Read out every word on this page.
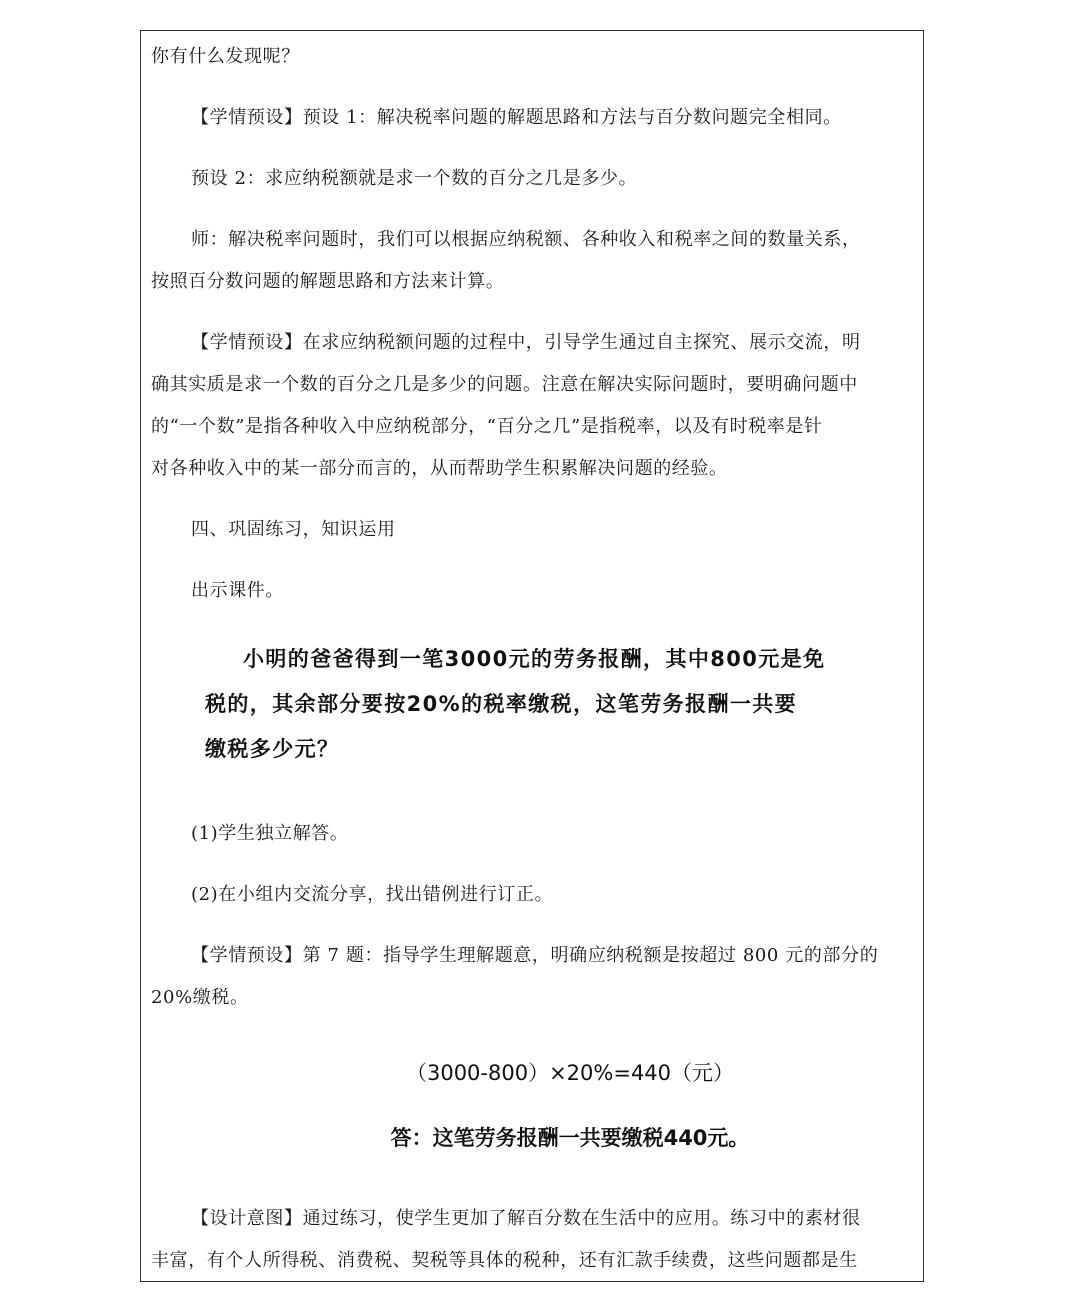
你有什么发现呢？

【学情预设】预设 1：解决税率问题的解题思路和方法与百分数问题完全相同。

预设 2：求应纳税额就是求一个数的百分之几是多少。

师：解决税率问题时，我们可以根据应纳税额、各种收入和税率之间的数量关系，

按照百分数问题的解题思路和方法来计算。

【学情预设】在求应纳税额问题的过程中，引导学生通过自主探究、展示交流，明

确其实质是求一个数的百分之几是多少的问题。注意在解决实际问题时，要明确问题中

的“一个数”是指各种收入中应纳税部分，“百分之几”是指税率，以及有时税率是针

对各种收入中的某一部分而言的，从而帮助学生积累解决问题的经验。

四、巩固练习，知识运用

出示课件。

小明的爸爸得到一笔3000元的劳务报酬，其中800元是免
税的，其余部分要按20%的税率缴税，这笔劳务报酬一共要
缴税多少元？

(1)学生独立解答。

(2)在小组内交流分享，找出错例进行订正。

【学情预设】第 7 题：指导学生理解题意，明确应纳税额是按超过 800 元的部分的

20%缴税。

（3000-800）×20%=440（元）
答：这笔劳务报酬一共要缴税440元。

【设计意图】通过练习，使学生更加了解百分数在生活中的应用。练习中的素材很

丰富，有个人所得税、消费税、契税等具体的税种，还有汇款手续费，这些问题都是生
